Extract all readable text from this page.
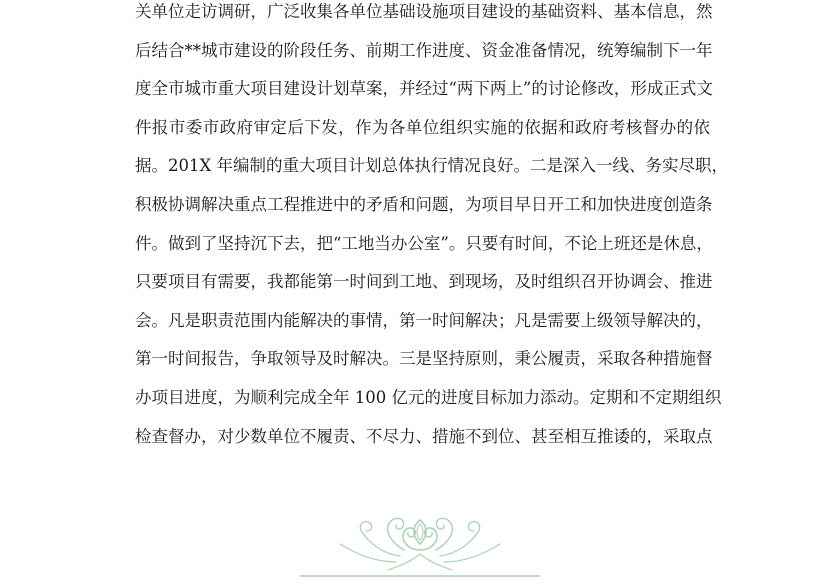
关单位走访调研，广泛收集各单位基础设施项目建设的基础资料、基本信息，然
后结合**城市建设的阶段任务、前期工作进度、资金准备情况，统筹编制下一年
度全市城市重大项目建设计划草案，并经过“两下两上”的讨论修改，形成正式文
件报市委市政府审定后下发，作为各单位组织实施的依据和政府考核督办的依
据。201X 年编制的重大项目计划总体执行情况良好。二是深入一线、务实尽职，
积极协调解决重点工程推进中的矛盾和问题，为项目早日开工和加快进度创造条
件。做到了坚持沉下去，把“工地当办公室”。只要有时间，不论上班还是休息，
只要项目有需要，我都能第一时间到工地、到现场，及时组织召开协调会、推进
会。凡是职责范围内能解决的事情，第一时间解决；凡是需要上级领导解决的，
第一时间报告，争取领导及时解决。三是坚持原则，秉公履责，采取各种措施督
办项目进度，为顺利完成全年 100 亿元的进度目标加力添动。定期和不定期组织
检查督办，对少数单位不履责、不尽力、措施不到位、甚至相互推诿的，采取点
